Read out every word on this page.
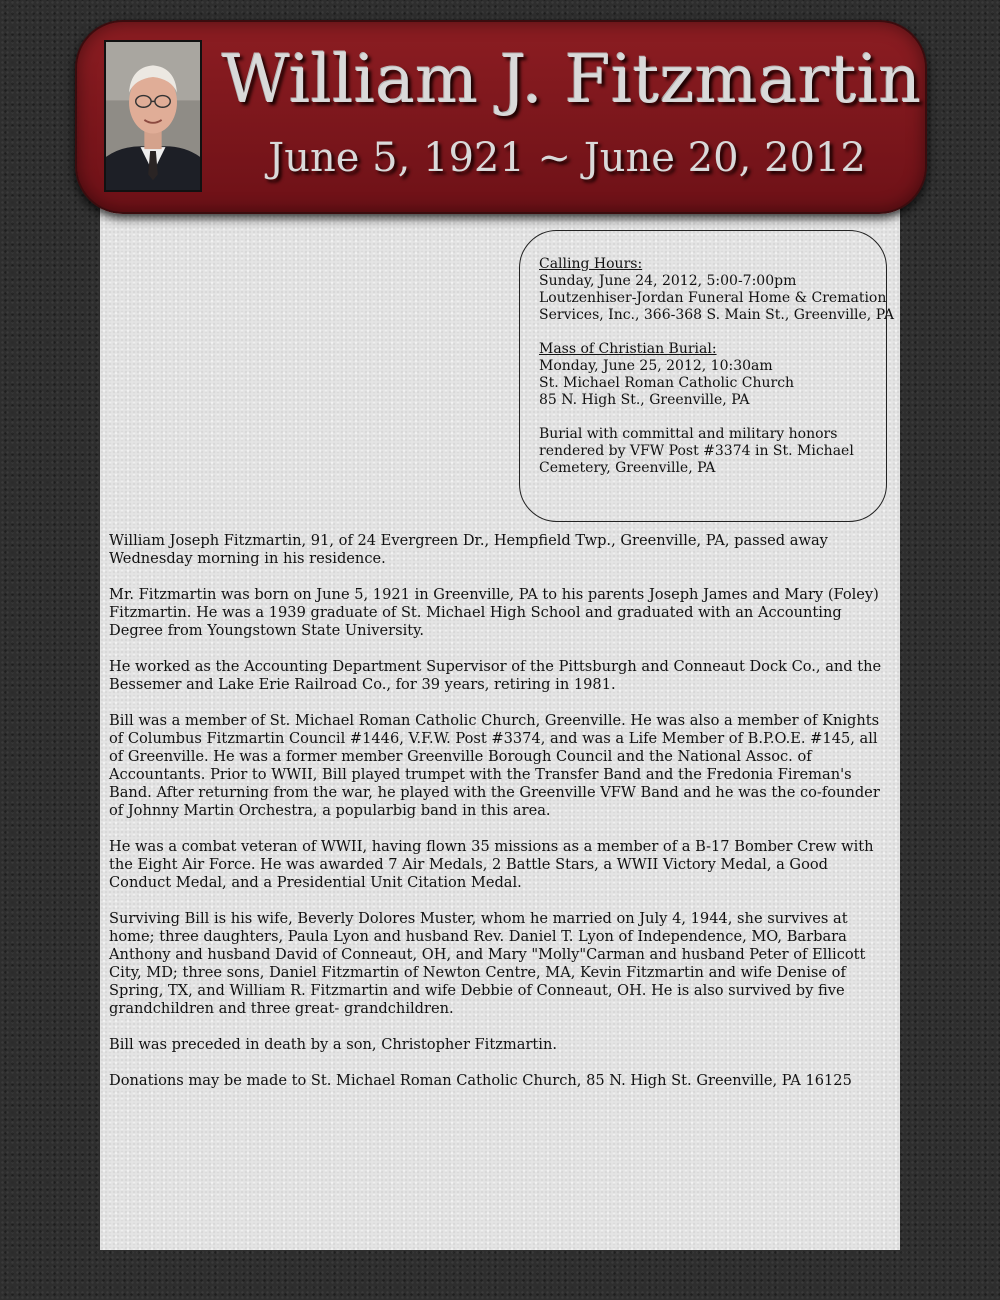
William J. Fitzmartin
June 5, 1921 ~ June 20, 2012
Calling Hours:
Sunday, June 24, 2012, 5:00-7:00pm
Loutzenhiser-Jordan Funeral Home & Cremation
Services, Inc., 366-368 S. Main St., Greenville, PA
Mass of Christian Burial:
Monday, June 25, 2012, 10:30am
St. Michael Roman Catholic Church
85 N. High St., Greenville, PA
Burial with committal and military honors
rendered by VFW Post #3374 in St. Michael
Cemetery, Greenville, PA

William Joseph Fitzmartin, 91, of 24 Evergreen Dr., Hempfield Twp., Greenville, PA, passed away Wednesday morning in his residence.

Mr. Fitzmartin was born on June 5, 1921 in Greenville, PA to his parents Joseph James and Mary (Foley) Fitzmartin. He was a 1939 graduate of St. Michael High School and graduated with an Accounting Degree from Youngstown State University.

He worked as the Accounting Department Supervisor of the Pittsburgh and Conneaut Dock Co., and the Bessemer and Lake Erie Railroad Co., for 39 years, retiring in 1981.

Bill was a member of St. Michael Roman Catholic Church, Greenville. He was also a member of Knights of Columbus Fitzmartin Council #1446, V.F.W. Post #3374, and was a Life Member of B.P.O.E. #145, all of Greenville. He was a former member Greenville Borough Council and the National Assoc. of Accountants. Prior to WWII, Bill played trumpet with the Transfer Band and the Fredonia Fireman's Band. After returning from the war, he played with the Greenville VFW Band and he was the co-founder of Johnny Martin Orchestra, a popularbig band in this area.

He was a combat veteran of WWII, having flown 35 missions as a member of a B-17 Bomber Crew with the Eight Air Force. He was awarded 7 Air Medals, 2 Battle Stars, a WWII Victory Medal, a Good Conduct Medal, and a Presidential Unit Citation Medal.

Surviving Bill is his wife, Beverly Dolores Muster, whom he married on July 4, 1944, she survives at home; three daughters, Paula Lyon and husband Rev. Daniel T. Lyon of Independence, MO, Barbara Anthony and husband David of Conneaut, OH, and Mary "Molly"Carman and husband Peter of Ellicott City, MD; three sons, Daniel Fitzmartin of Newton Centre, MA, Kevin Fitzmartin and wife Denise of Spring, TX, and William R. Fitzmartin and wife Debbie of Conneaut, OH. He is also survived by five grandchildren and three great- grandchildren.

Bill was preceded in death by a son, Christopher Fitzmartin.

Donations may be made to St. Michael Roman Catholic Church, 85 N. High St. Greenville, PA 16125
